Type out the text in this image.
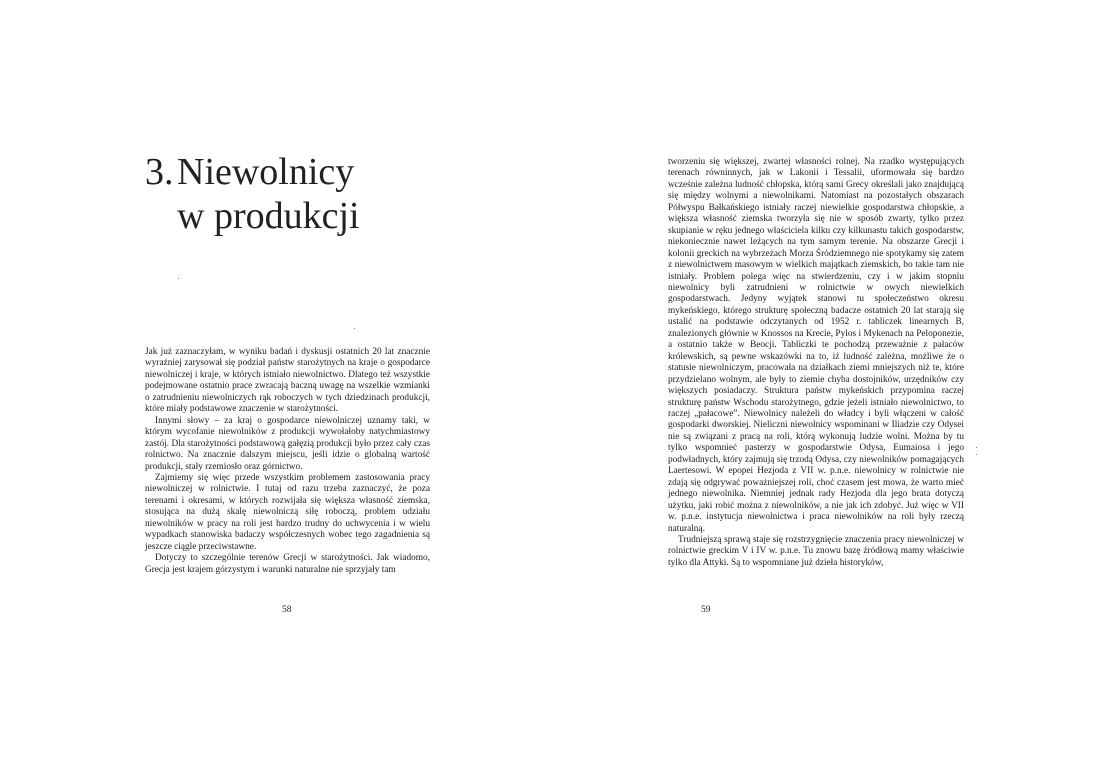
3.Niewolnicy
w produkcji

Jak już zaznaczyłam, w wyniku badań i dyskusji ostatnich 20 lat znacznie wyraźniej zarysował się podział państw starożytnych na kraje o gospodarce niewolniczej i kraje, w których istniało niewolnictwo. Dlatego też wszystkie podejmowane ostatnio prace zwracają baczną uwagę na wszelkie wzmianki o zatrudnieniu niewolniczych rąk roboczych w tych dziedzinach produkcji, które miały podstawowe znaczenie w starożytności.

Innymi słowy – za kraj o gospodarce niewolniczej uznamy taki, w którym wycofanie niewolników z produkcji wywołałoby natychmiastowy zastój. Dla starożytności podstawową gałęzią produkcji było przez cały czas rolnictwo. Na znacznie dalszym miejscu, jeśli idzie o globalną wartość produkcji, stały rzemiosło oraz górnictwo.

Zajmiemy się więc przede wszystkim problemem zastosowania pracy niewolniczej w rolnictwie. I tutaj od razu trzeba zaznaczyć, że poza terenami i okresami, w których rozwijała się większa własność ziemska, stosująca na dużą skalę niewolniczą siłę roboczą, problem udziału niewolników w pracy na roli jest bardzo trudny do uchwycenia i w wielu wypadkach stanowiska badaczy współczesnych wobec tego zagadnienia są jeszcze ciągle przeciwstawne.

Dotyczy to szczególnie terenów Grecji w starożytności. Jak wiadomo, Grecja jest krajem górzystym i warunki naturalne nie sprzyjały tam

58

tworzeniu się większej, zwartej własności rolnej. Na rzadko występujących terenach równinnych, jak w Lakonii i Tessalii, uformowała się bardzo wcześnie zależna ludność chłopska, którą sami Grecy określali jako znajdującą się między wolnymi a niewolnikami. Natomiast na pozostałych obszarach Półwyspu Bałkańskiego istniały raczej niewielkie gospodarstwa chłopskie, a większa własność ziemska tworzyła się nie w sposób zwarty, tylko przez skupianie w ręku jednego właściciela kilku czy kilkunastu takich gospodarstw, niekoniecznie nawet leżących na tym samym terenie. Na obszarze Grecji i kolonii greckich na wybrzeżach Morza Śródziemnego nie spotykamy się zatem z niewolnictwem masowym w wielkich majątkach ziemskich, bo takie tam nie istniały. Problem polega więc na stwierdzeniu, czy i w jakim stopniu niewolnicy byli zatrudnieni w rolnictwie w owych niewielkich gospodarstwach. Jedyny wyjątek stanowi tu społeczeństwo okresu mykeńskiego, którego strukturę społeczną badacze ostatnich 20 lat starają się ustalić na podstawie odczytanych od 1952 r. tabliczek linearnych B, znalezionych głównie w Knossos na Krecie, Pylos i Mykenach na Peloponezie, a ostatnio także w Beocji. Tabliczki te pochodzą przeważnie z pałaców królewskich, są pewne wskazówki na to, iż ludność zależna, możliwe że o statusie niewolniczym, pracowała na działkach ziemi mniejszych niż te, które przydzielano wolnym, ale były to ziemie chyba dostojników, urzędników czy większych posiadaczy. Struktura państw mykeńskich przypomina raczej strukturę państw Wschodu starożytnego, gdzie jeżeli istniało niewolnictwo, to raczej „pałacowe”. Niewolnicy należeli do władcy i byli włączeni w całość gospodarki dworskiej. Nieliczni niewolnicy wspominani w Iliadzie czy Odysei nie są związani z pracą na roli, którą wykonują ludzie wolni. Można by tu tylko wspomnieć pasterzy w gospodarstwie Odysa, Eumaiosa i jego podwładnych, który zajmują się trzodą Odysa, czy niewolników pomagających Laertesowi. W epopei Hezjoda z VII w. p.n.e. niewolnicy w rolnictwie nie zdają się odgrywać poważniejszej roli, choć czasem jest mowa, że warto mieć jednego niewolnika. Niemniej jednak rady Hezjoda dla jego brata dotyczą użytku, jaki robić można z niewolników, a nie jak ich zdobyć. Już więc w VII w. p.n.e. instytucja niewolnictwa i praca niewolników na roli były rzeczą naturalną.

Trudniejszą sprawą staje się rozstrzygnięcie znaczenia pracy niewolniczej w rolnictwie greckim V i IV w. p.n.e. Tu znowu bazę źródłową mamy właściwie tylko dla Attyki. Są to wspomniane już dzieła historyków,

59
